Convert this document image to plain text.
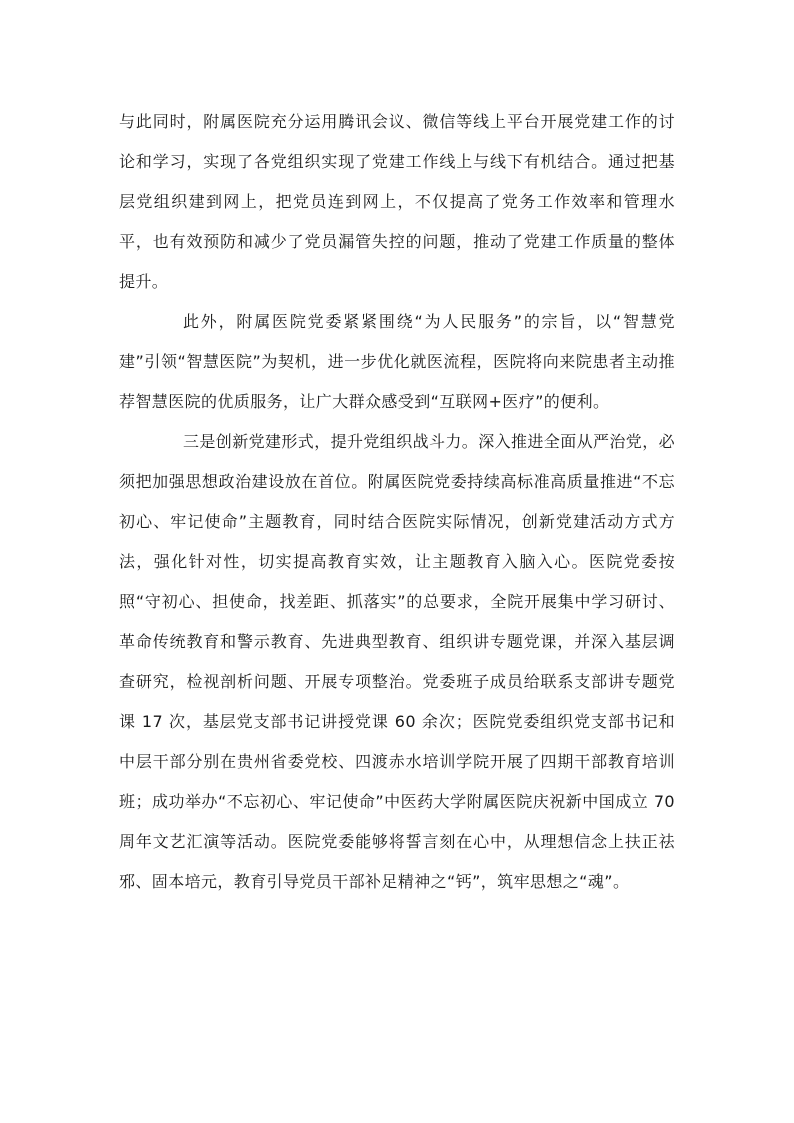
与此同时，附属医院充分运用腾讯会议、微信等线上平台开展党建工作的讨论和学习，实现了各党组织实现了党建工作线上与线下有机结合。通过把基层党组织建到网上，把党员连到网上，不仅提高了党务工作效率和管理水平，也有效预防和减少了党员漏管失控的问题，推动了党建工作质量的整体提升。

此外，附属医院党委紧紧围绕“为人民服务”的宗旨，以“智慧党建”引领“智慧医院”为契机，进一步优化就医流程，医院将向来院患者主动推荐智慧医院的优质服务，让广大群众感受到“互联网+医疗”的便利。

三是创新党建形式，提升党组织战斗力。深入推进全面从严治党，必须把加强思想政治建设放在首位。附属医院党委持续高标准高质量推进“不忘初心、牢记使命”主题教育，同时结合医院实际情况，创新党建活动方式方法，强化针对性，切实提高教育实效，让主题教育入脑入心。医院党委按照“守初心、担使命，找差距、抓落实”的总要求，全院开展集中学习研讨、革命传统教育和警示教育、先进典型教育、组织讲专题党课，并深入基层调查研究，检视剖析问题、开展专项整治。党委班子成员给联系支部讲专题党课 17 次，基层党支部书记讲授党课 60 余次；医院党委组织党支部书记和中层干部分别在贵州省委党校、四渡赤水培训学院开展了四期干部教育培训班；成功举办“不忘初心、牢记使命”中医药大学附属医院庆祝新中国成立 70 周年文艺汇演等活动。医院党委能够将誓言刻在心中，从理想信念上扶正祛邪、固本培元，教育引导党员干部补足精神之“钙”，筑牢思想之“魂”。
